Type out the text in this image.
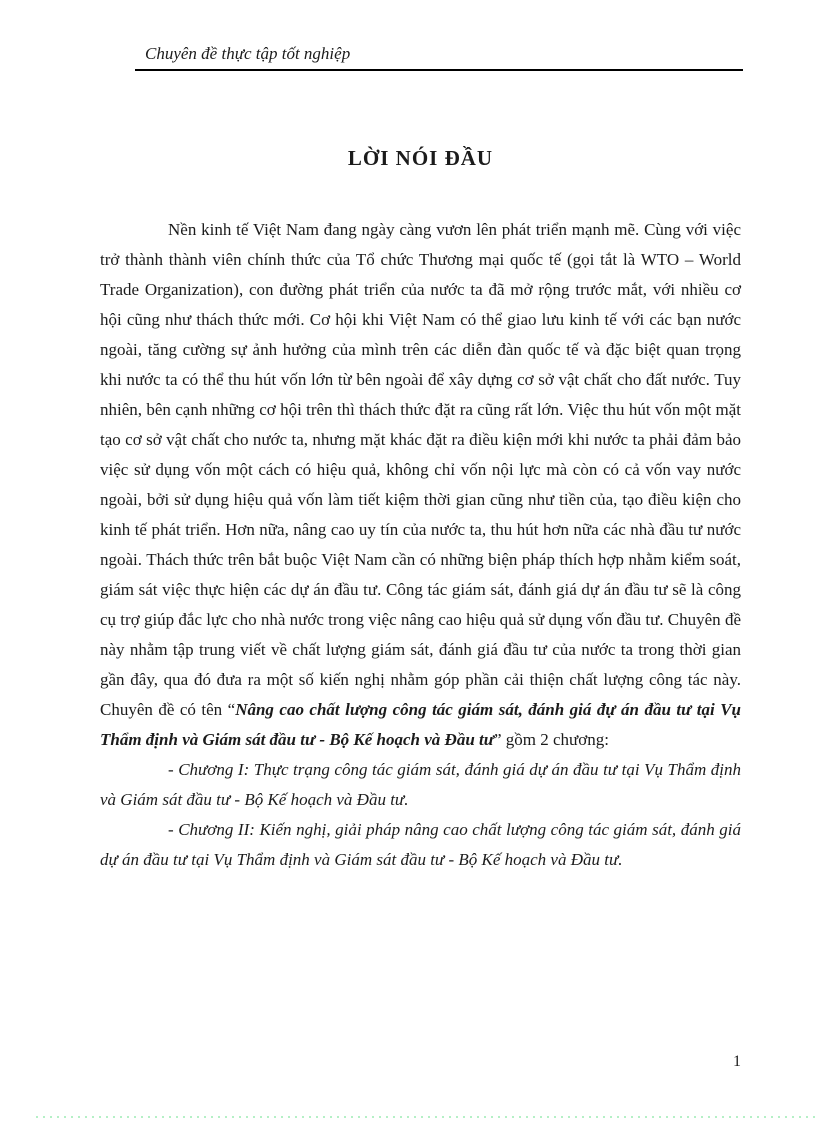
Chuyên đề thực tập tốt nghiệp
LỜI NÓI ĐẦU

Nền kinh tế Việt Nam đang ngày càng vươn lên phát triển mạnh mẽ. Cùng với việc trở thành thành viên chính thức của Tổ chức Thương mại quốc tế (gọi tắt là WTO – World Trade Organization), con đường phát triển của nước ta đã mở rộng trước mắt, với nhiều cơ hội cũng như thách thức mới. Cơ hội khi Việt Nam có thể giao lưu kinh tế với các bạn nước ngoài, tăng cường sự ảnh hưởng của mình trên các diễn đàn quốc tế và đặc biệt quan trọng khi nước ta có thể thu hút vốn lớn từ bên ngoài để xây dựng cơ sở vật chất cho đất nước. Tuy nhiên, bên cạnh những cơ hội trên thì thách thức đặt ra cũng rất lớn. Việc thu hút vốn một mặt tạo cơ sở vật chất cho nước ta, nhưng mặt khác đặt ra điều kiện mới khi nước ta phải đảm bảo việc sử dụng vốn một cách có hiệu quả, không chỉ vốn nội lực mà còn có cả vốn vay nước ngoài, bởi sử dụng hiệu quả vốn làm tiết kiệm thời gian cũng như tiền của, tạo điều kiện cho kinh tế phát triển. Hơn nữa, nâng cao uy tín của nước ta, thu hút hơn nữa các nhà đầu tư nước ngoài. Thách thức trên bắt buộc Việt Nam cần có những biện pháp thích hợp nhằm kiểm soát, giám sát việc thực hiện các dự án đầu tư. Công tác giám sát, đánh giá dự án đầu tư sẽ là công cụ trợ giúp đắc lực cho nhà nước trong việc nâng cao hiệu quả sử dụng vốn đầu tư. Chuyên đề này nhằm tập trung viết về chất lượng giám sát, đánh giá đầu tư của nước ta trong thời gian gần đây, qua đó đưa ra một số kiến nghị nhằm góp phần cải thiện chất lượng công tác này. Chuyên đề có tên “Nâng cao chất lượng công tác giám sát, đánh giá đự án đầu tư tại Vụ Thẩm định và Giám sát đầu tư - Bộ Kế hoạch và Đầu tư” gồm 2 chương:

- Chương I: Thực trạng công tác giám sát, đánh giá dự án đầu tư tại Vụ Thẩm định và Giám sát đầu tư - Bộ Kế hoạch và Đầu tư.

- Chương II: Kiến nghị, giải pháp nâng cao chất lượng công tác giám sát, đánh giá dự án đầu tư tại Vụ Thẩm định và Giám sát đầu tư - Bộ Kế hoạch và Đầu tư.

1
